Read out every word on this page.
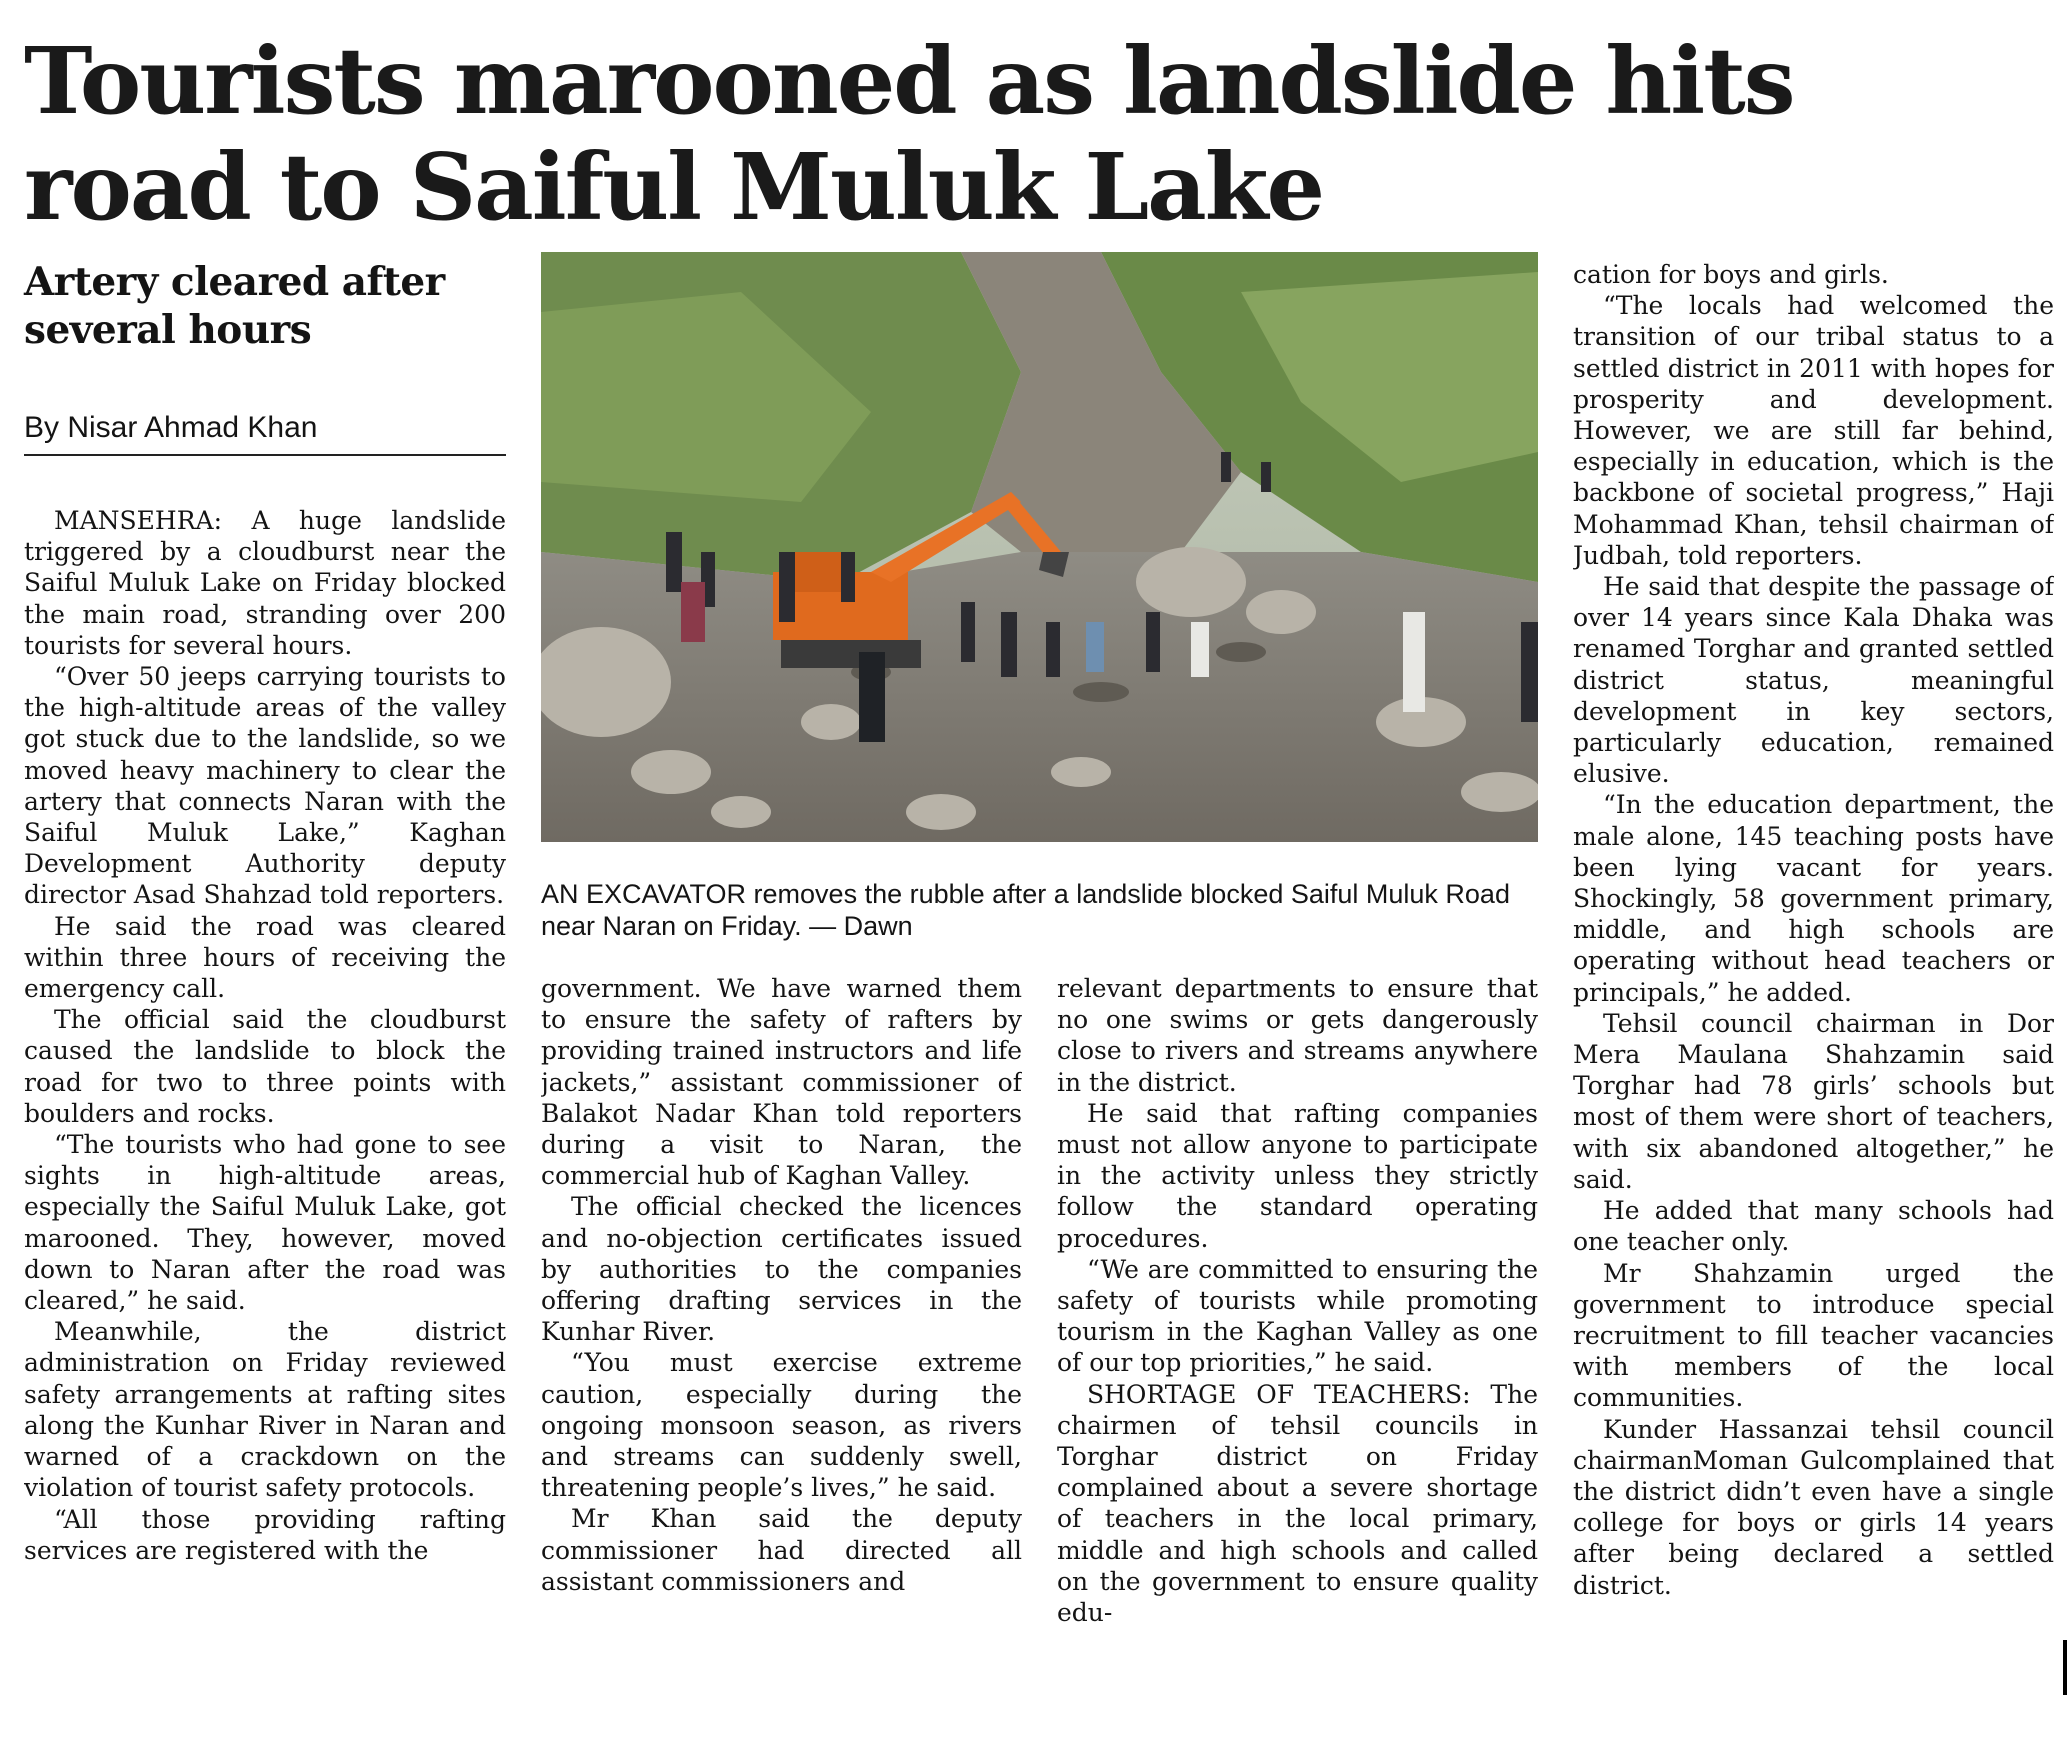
Tourists marooned as landslide hits road to Saiful Muluk Lake
Artery cleared after several hours
By Nisar Ahmad Khan

MANSEHRA: A huge landslide triggered by a cloudburst near the Saiful Muluk Lake on Friday blocked the main road, stranding over 200 tourists for several hours.

“Over 50 jeeps carrying tourists to the high-altitude areas of the valley got stuck due to the landslide, so we moved heavy machinery to clear the artery that connects Naran with the Saiful Muluk Lake,” Kaghan Development Authority deputy director Asad Shahzad told reporters.

He said the road was cleared within three hours of receiving the emergency call.

The official said the cloudburst caused the landslide to block the road for two to three points with boulders and rocks.

“The tourists who had gone to see sights in high-altitude areas, especially the Saiful Muluk Lake, got marooned. They, however, moved down to Naran after the road was cleared,” he said.

Meanwhile, the district administration on Friday reviewed safety arrangements at rafting sites along the Kunhar River in Naran and warned of a crackdown on the violation of tourist safety protocols.

“All those providing rafting services are registered with the

AN EXCAVATOR removes the rubble after a landslide blocked Saiful Muluk Road near Naran on Friday. — Dawn

government. We have warned them to ensure the safety of rafters by providing trained instructors and life jackets,” assistant commissioner of Balakot Nadar Khan told reporters during a visit to Naran, the commercial hub of Kaghan Valley.

The official checked the licences and no-objection certificates issued by authorities to the companies offering drafting services in the Kunhar River.

“You must exercise extreme caution, especially during the ongoing monsoon season, as rivers and streams can suddenly swell, threatening people’s lives,” he said.

Mr Khan said the deputy commissioner had directed all assistant commissioners and

relevant departments to ensure that no one swims or gets dangerously close to rivers and streams anywhere in the district.

He said that rafting companies must not allow anyone to participate in the activity unless they strictly follow the standard operating procedures.

“We are committed to ensuring the safety of tourists while promoting tourism in the Kaghan Valley as one of our top priorities,” he said.

SHORTAGE OF TEACHERS: The chairmen of tehsil councils in Torghar district on Friday complained about a severe shortage of teachers in the local primary, middle and high schools and called on the government to ensure quality edu-

cation for boys and girls.

“The locals had welcomed the transition of our tribal status to a settled district in 2011 with hopes for prosperity and development. However, we are still far behind, especially in education, which is the backbone of societal progress,” Haji Mohammad Khan, tehsil chairman of Judbah, told reporters.

He said that despite the passage of over 14 years since Kala Dhaka was renamed Torghar and granted settled district status, meaningful development in key sectors, particularly education, remained elusive.

“In the education department, the male alone, 145 teaching posts have been lying vacant for years. Shockingly, 58 government primary, middle, and high schools are operating without head teachers or principals,” he added.

Tehsil council chairman in Dor Mera Maulana Shahzamin said Torghar had 78 girls’ schools but most of them were short of teachers, with six abandoned altogether,” he said.

He added that many schools had one teacher only.

Mr Shahzamin urged the government to introduce special recruitment to fill teacher vacancies with members of the local communities.

Kunder Hassanzai tehsil council chairmanMoman Gulcomplained that the district didn’t even have a single college for boys or girls 14 years after being declared a settled district.
